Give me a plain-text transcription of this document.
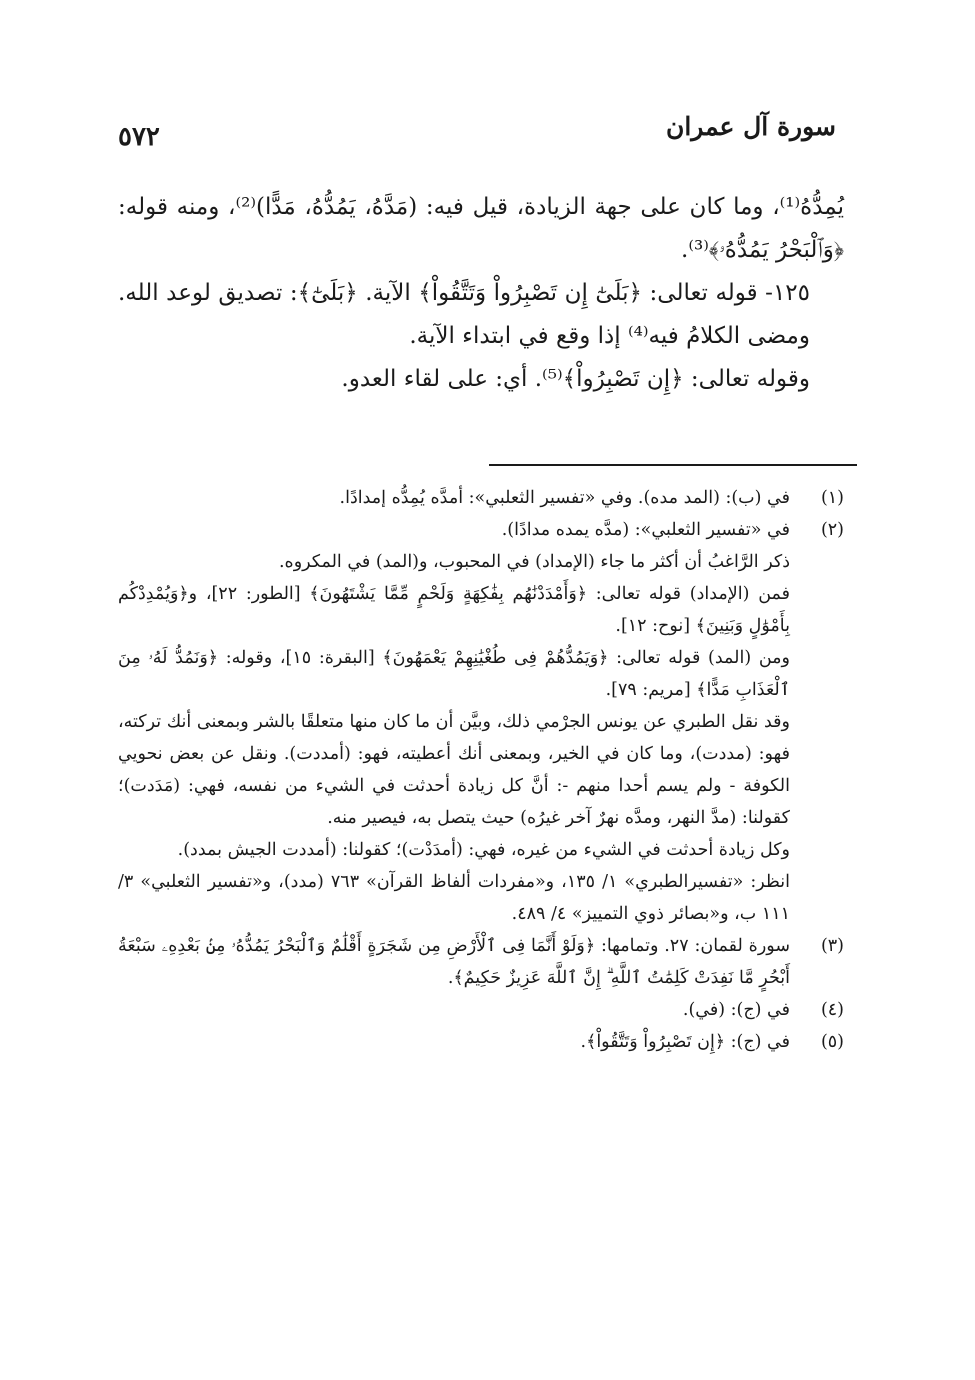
سورة آل عمران
٥٧٢

يُمِدُّهُ⁽¹⁾، وما كان على جهة الزيادة، قيل فيه: (مَدَّهُ، يَمُدُّهُ، مَدًّا)⁽²⁾، ومنه قوله: ﴿وَٱلْبَحْرُ يَمُدُّهُۥ﴾⁽³⁾.

١٢٥- قوله تعالى: ﴿بَلَىٰٓ إِن تَصْبِرُواْ وَتَتَّقُواْ﴾ الآية. ﴿بَلَىٰٓ﴾: تصديق لوعد الله. ومضى الكلامُ فيه⁽⁴⁾ إذا وقع في ابتداء الآية.

وقوله تعالى: ﴿إِن تَصْبِرُواْ﴾⁽⁵⁾. أي: على لقاء العدو.

(١)

في (ب): (المد مده). وفي «تفسير الثعلبي»: أمدَّه يُمِدُّه إمدادًا.

(٢)

في «تفسير الثعلبي»: (مدَّه يمده مدادًا).

ذكر الرَّاغبُ أن أكثر ما جاء (الإمداد) في المحبوب، و(المد) في المكروه.

فمن (الإمداد) قوله تعالى: ﴿وَأَمْدَدْنَٰهُم بِفَٰكِهَةٍ وَلَحْمٍ مِّمَّا يَشْتَهُونَ﴾ [الطور: ٢٢]، و﴿وَيُمْدِدْكُم بِأَمْوَٰلٍ وَبَنِينَ﴾ [نوح: ١٢].

ومن (المد) قوله تعالى: ﴿وَيَمُدُّهُمْ فِى طُغْيَٰنِهِمْ يَعْمَهُونَ﴾ [البقرة: ١٥]، وقوله: ﴿وَنَمُدُّ لَهُۥ مِنَ ٱلْعَذَابِ مَدًّا﴾ [مريم: ٧٩].

وقد نقل الطبري عن يونس الجرْمي ذلك، وبيَّن أن ما كان منها متعلقًا بالشر وبمعنى أنك تركته، فهو: (مددت)، وما كان في الخير، وبمعنى أنك أعطيته، فهو: (أمددت). ونقل عن بعض نحويي الكوفة - ولم يسم أحدا منهم -: أنَّ كل زيادة أحدثت في الشيء من نفسه، فهي: (مَدَدت)؛ كقولنا: (مدَّ النهر، ومدَّه نهرٌ آخر غيرُه) حيث يتصل به، فيصير منه.

وكل زيادة أحدثت في الشيء من غيره، فهي: (أمدَدْت)؛ كقولنا: (أمددت الجيش بمدد).

انظر: «تفسيرالطبري» ١/ ١٣٥، و«مفردات ألفاظ القرآن» ٧٦٣ (مدد)، و«تفسير الثعلبي» ٣/ ١١١ ب، و«بصائر ذوي التمييز» ٤/ ٤٨٩.

(٣)

سورة لقمان: ٢٧. وتمامها: ﴿وَلَوْ أَنَّمَا فِى ٱلْأَرْضِ مِن شَجَرَةٍ أَقْلَٰمٌ وَٱلْبَحْرُ يَمُدُّهُۥ مِنۢ بَعْدِهِۦ سَبْعَةُ أَبْحُرٍ مَّا نَفِدَتْ كَلِمَٰتُ ٱللَّهِ ۗ إِنَّ ٱللَّهَ عَزِيزٌ حَكِيمٌ﴾.

(٤)

في (ج): (في).

(٥)

في (ج): ﴿إِن تَصْبِرُواْ وَتَتَّقُواْ﴾.
